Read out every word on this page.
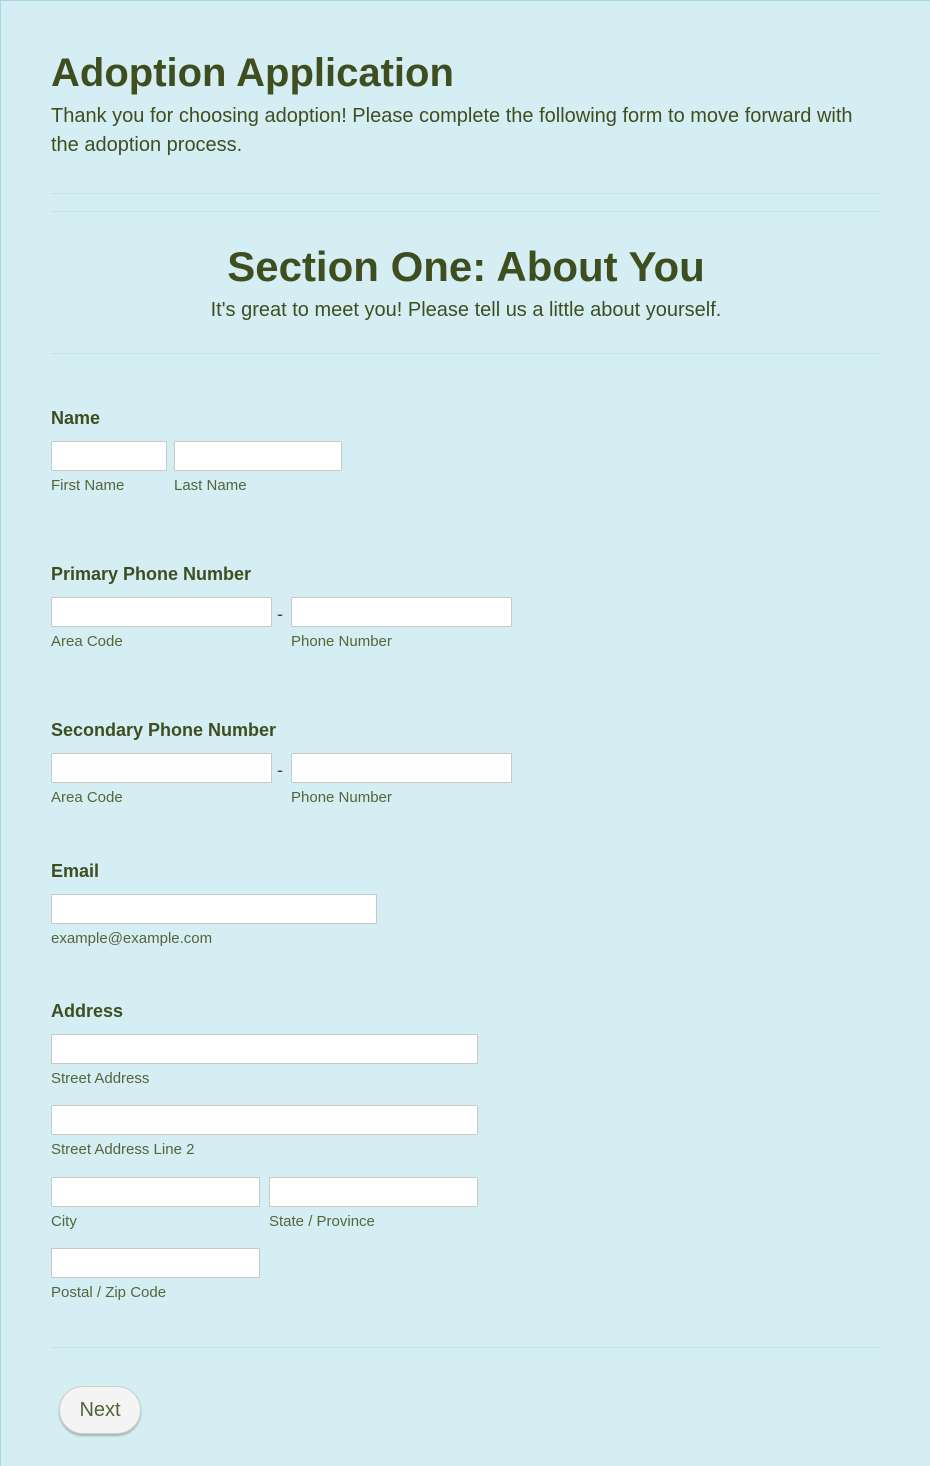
Adoption Application
Thank you for choosing adoption! Please complete the following form to move forward with the adoption process.
Section One: About You
It's great to meet you! Please tell us a little about yourself.
Name
First Name	Last Name
Primary Phone Number
-
Area Code	Phone Number
Secondary Phone Number
-
Area Code	Phone Number
Email
example@example.com
Address
Street Address
Street Address Line 2
City	State / Province
Postal / Zip Code
Next
